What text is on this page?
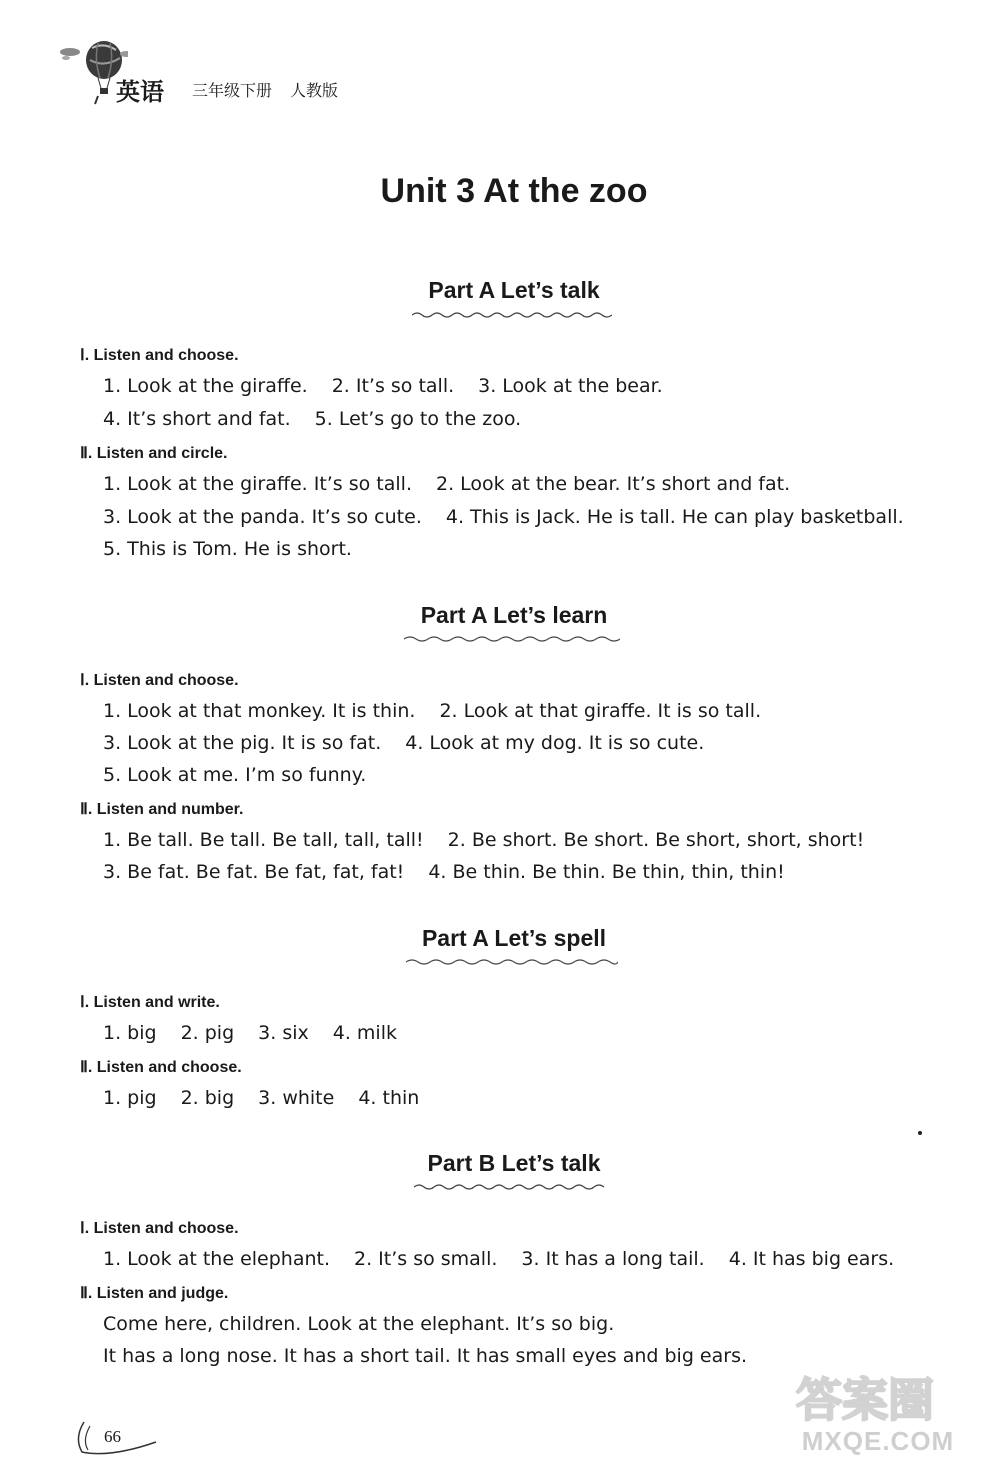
英语 三年级下册 人教版
Unit 3 At the zoo
Part A Let’s talk
Ⅰ. Listen and choose.
1. Look at the giraffe. 2. It’s so tall. 3. Look at the bear.
4. It’s short and fat. 5. Let’s go to the zoo.
Ⅱ. Listen and circle.
1. Look at the giraffe. It’s so tall. 2. Look at the bear. It’s short and fat.
3. Look at the panda. It’s so cute. 4. This is Jack. He is tall. He can play basketball.
5. This is Tom. He is short.
Part A Let’s learn
Ⅰ. Listen and choose.
1. Look at that monkey. It is thin. 2. Look at that giraffe. It is so tall.
3. Look at the pig. It is so fat. 4. Look at my dog. It is so cute.
5. Look at me. I’m so funny.
Ⅱ. Listen and number.
1. Be tall. Be tall. Be tall, tall, tall! 2. Be short. Be short. Be short, short, short!
3. Be fat. Be fat. Be fat, fat, fat! 4. Be thin. Be thin. Be thin, thin, thin!
Part A Let’s spell
Ⅰ. Listen and write.
1. big 2. pig 3. six 4. milk
Ⅱ. Listen and choose.
1. pig 2. big 3. white 4. thin
Part B Let’s talk
Ⅰ. Listen and choose.
1. Look at the elephant. 2. It’s so small. 3. It has a long tail. 4. It has big ears.
Ⅱ. Listen and judge.
Come here, children. Look at the elephant. It’s so big.
It has a long nose. It has a short tail. It has small eyes and big ears.
66
答案圈
MXQE.COM
